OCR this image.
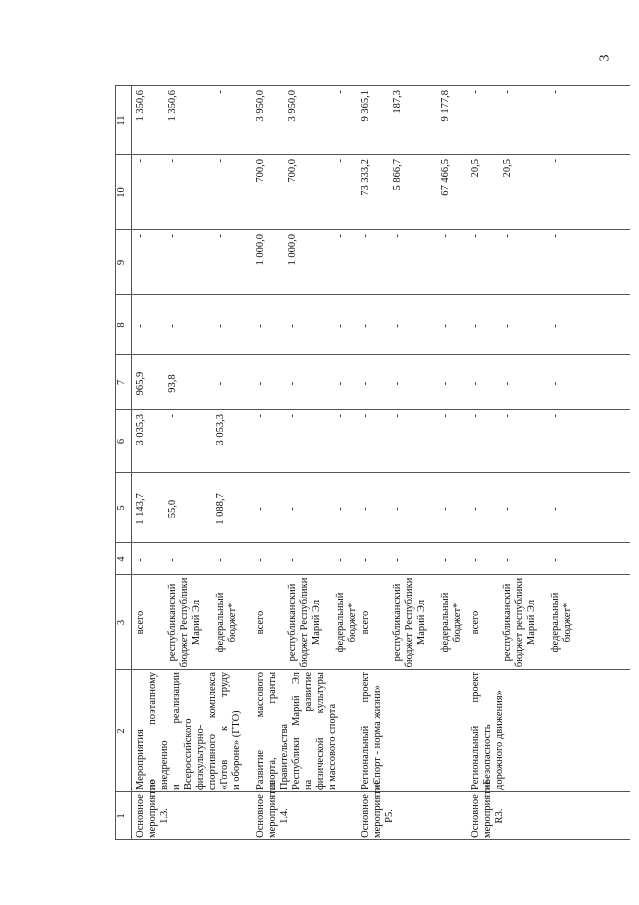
3
1
2
3
4
5
6
7
8
9
10
11
Основное мероприятие 1.3.
Мероприятия по поэтапному внедрению и реализации Всероссийского физкультурно- спортивного комплекса «Готов к труду и обороне» (ГТО)
всего
-
1 143,7
3 035,3
965,9
-
-
-
1 350,6
республиканский бюджет Республики Марий Эл
-
55,0
-
93,8
-
-
-
1 350,6
федеральный бюджет*
-
1 088,7
3 053,3
-
-
-
-
-
Основное мероприятие 1.4.
Развитие массового спорта, гранты Правительства Республики Марий Эл на развитие физической культуры и массового спорта
всего
-
-
-
-
-
1 000,0
700,0
3 950,0
республиканский бюджет Республики Марий Эл
-
-
-
-
-
1 000,0
700,0
3 950,0
федеральный бюджет*
-
-
-
-
-
-
-
-
Основное мероприятие Р5.
Региональный проект «Спорт - норма жизни»
всего
-
-
-
-
-
-
73 333,2
9 365,1
республиканский бюджет Республики Марий Эл
-
-
-
-
-
-
5 866,7
187,3
федеральный бюджет*
-
-
-
-
-
-
67 466,5
9 177,8
Основное мероприятие R3.
Региональный проект «Безопасность дорожного движения»
всего
-
-
-
-
-
-
20,5
-
республиканский бюджет республики Марий Эл
-
-
-
-
-
-
20,5
-
федеральный бюджет*
-
-
-
-
-
-
-
-
